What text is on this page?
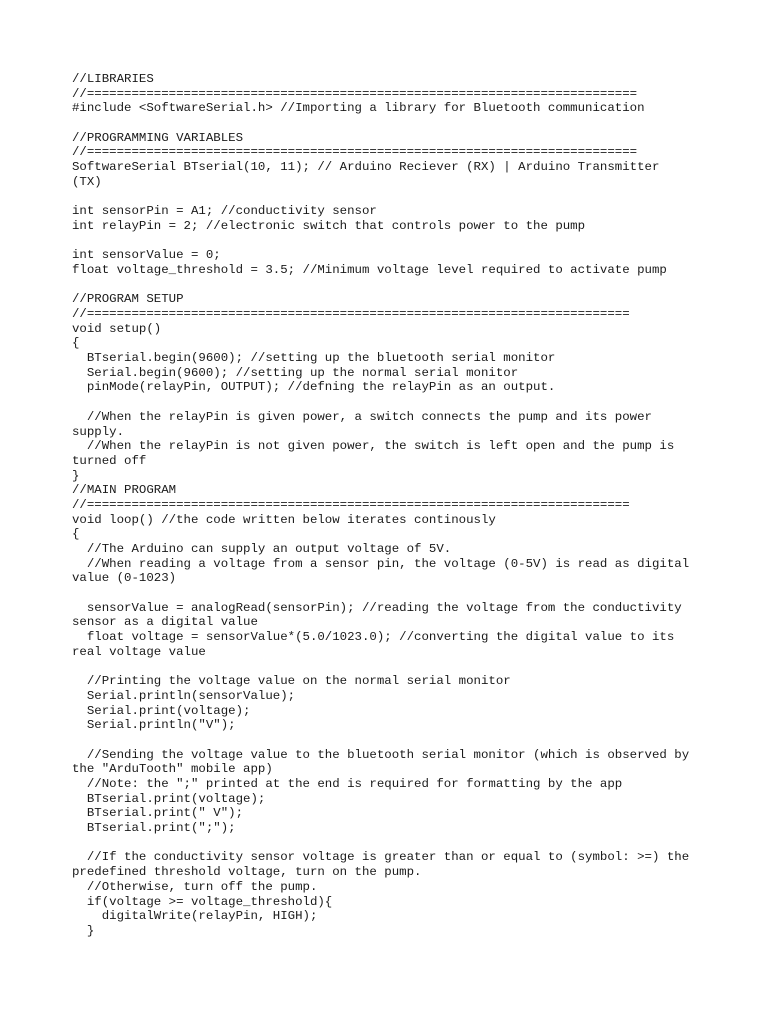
//LIBRARIES
//==========================================================================
#include <SoftwareSerial.h> //Importing a library for Bluetooth communication
//PROGRAMMING VARIABLES
//==========================================================================
SoftwareSerial BTserial(10, 11); // Arduino Reciever (RX) | Arduino Transmitter
(TX)
int sensorPin = A1; //conductivity sensor
int relayPin = 2; //electronic switch that controls power to the pump
int sensorValue = 0;
float voltage_threshold = 3.5; //Minimum voltage level required to activate pump
//PROGRAM SETUP
//=========================================================================
void setup()
{
BTserial.begin(9600); //setting up the bluetooth serial monitor
Serial.begin(9600); //setting up the normal serial monitor
pinMode(relayPin, OUTPUT); //defning the relayPin as an output.
//When the relayPin is given power, a switch connects the pump and its power
supply.
//When the relayPin is not given power, the switch is left open and the pump is
turned off
}
//MAIN PROGRAM
//=========================================================================
void loop() //the code written below iterates continously
{
//The Arduino can supply an output voltage of 5V.
//When reading a voltage from a sensor pin, the voltage (0-5V) is read as digital
value (0-1023)
sensorValue = analogRead(sensorPin); //reading the voltage from the conductivity
sensor as a digital value
float voltage = sensorValue*(5.0/1023.0); //converting the digital value to its
real voltage value
//Printing the voltage value on the normal serial monitor
Serial.println(sensorValue);
Serial.print(voltage);
Serial.println("V");
//Sending the voltage value to the bluetooth serial monitor (which is observed by
the "ArduTooth" mobile app)
//Note: the ";" printed at the end is required for formatting by the app
BTserial.print(voltage);
BTserial.print(" V");
BTserial.print(";");
//If the conductivity sensor voltage is greater than or equal to (symbol: >=) the
predefined threshold voltage, turn on the pump.
//Otherwise, turn off the pump.
if(voltage >= voltage_threshold){
digitalWrite(relayPin, HIGH);
}
